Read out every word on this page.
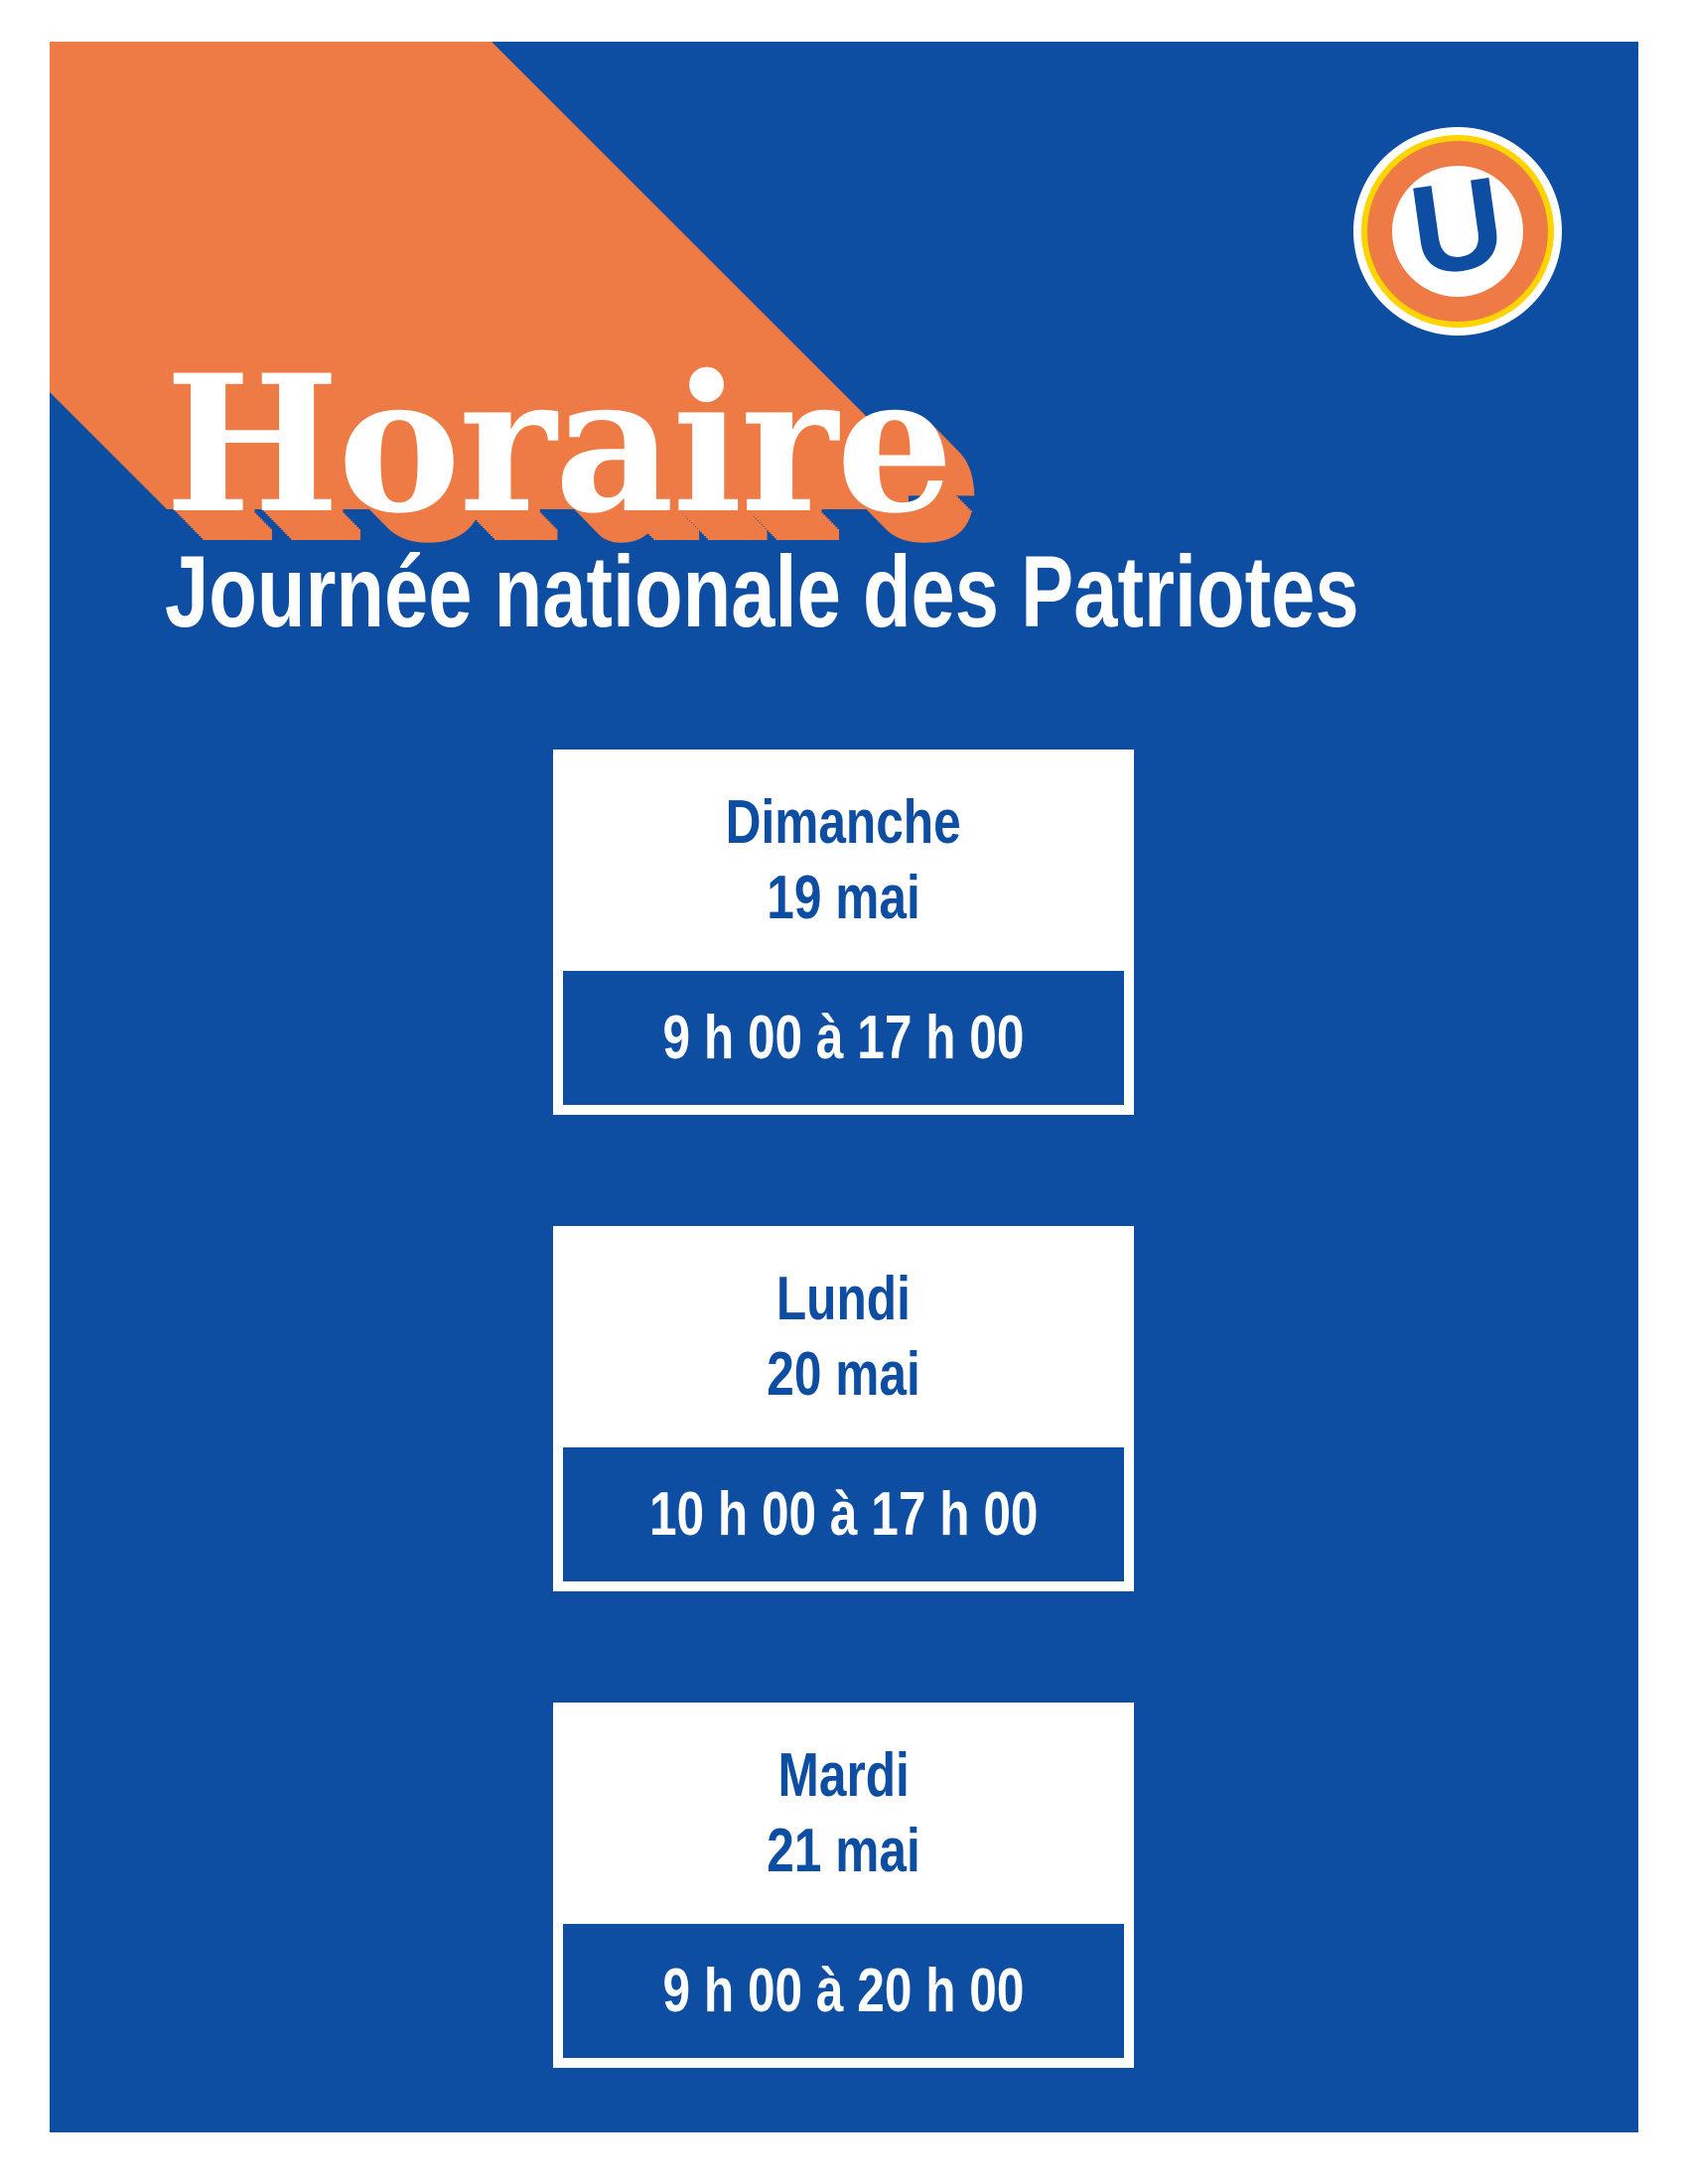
Horaire
Journée nationale des Patriotes
U
Dimanche
19 mai
9 h 00 à 17 h 00
Lundi
20 mai
10 h 00 à 17 h 00
Mardi
21 mai
9 h 00 à 20 h 00
